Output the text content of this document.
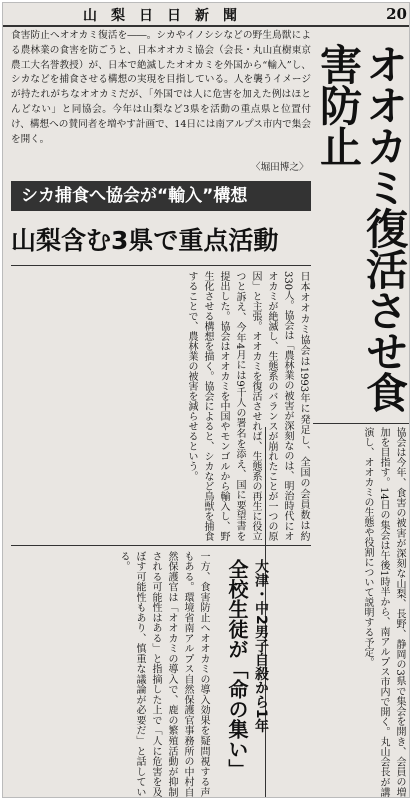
山梨日日新聞	20

食害防止へオオカミ復活を――。シカやイノシシなどの野生鳥獣による農林業の食害を防ごうと、日本オオカミ協会（会長・丸山直樹東京農工大名誉教授）が、日本で絶滅したオオカミを外国から“輸入”し、シカなどを捕食させる構想の実現を目指している。人を襲うイメージが持たれがちなオオカミだが、「外国では人に危害を加えた例はほとんどない」と同協会。今年は山梨など3県を活動の重点県と位置付け、構想への賛同者を増やす計画で、14日には南アルプス市内で集会を開く。

〈堀田博之〉	オオカミ復活させ食害防止
シカ捕食へ協会が“輸入”構想
山梨含む3県で重点活動

日本オオカミ協会は1993年に発足し、全国の会員数は約330人。協会は「農林業の被害が深刻なのは、明治時代にオオカミが絶滅し、生態系のバランスが崩れたことが一つの原因」と主張。オオカミを復活させれば、生態系の再生に役立つと訴え、今年4月には9千人の署名を添え、国に要望書を提出した。協会はオオカミを中国やモンゴルから輸入し、野生化させる構想を描く。協会によると、シカなど鳥獣を捕食することで、農林業の被害を減らせるという。

協会は今年、食害の被害が深刻な山梨、長野、静岡の3県で集会を開き、会員の増加を目指す。14日の集会は午後1時半から、南アルプス市内で開く。丸山会長が講演し、オオカミの生態や役割について説明する予定。

一方、食害防止へオオカミの導入効果を疑問視する声もある。環境省南アルプス自然保護官事務所の中村自然保護官は「オオカミの導入で、鹿の繁殖活動が抑制される可能性はある」と指摘した上で「人に危害を及ぼす可能性もあり、慎重な議論が必要だ」と話している。	大津・中2男子自殺から1年
全校生徒が「命の集い」
